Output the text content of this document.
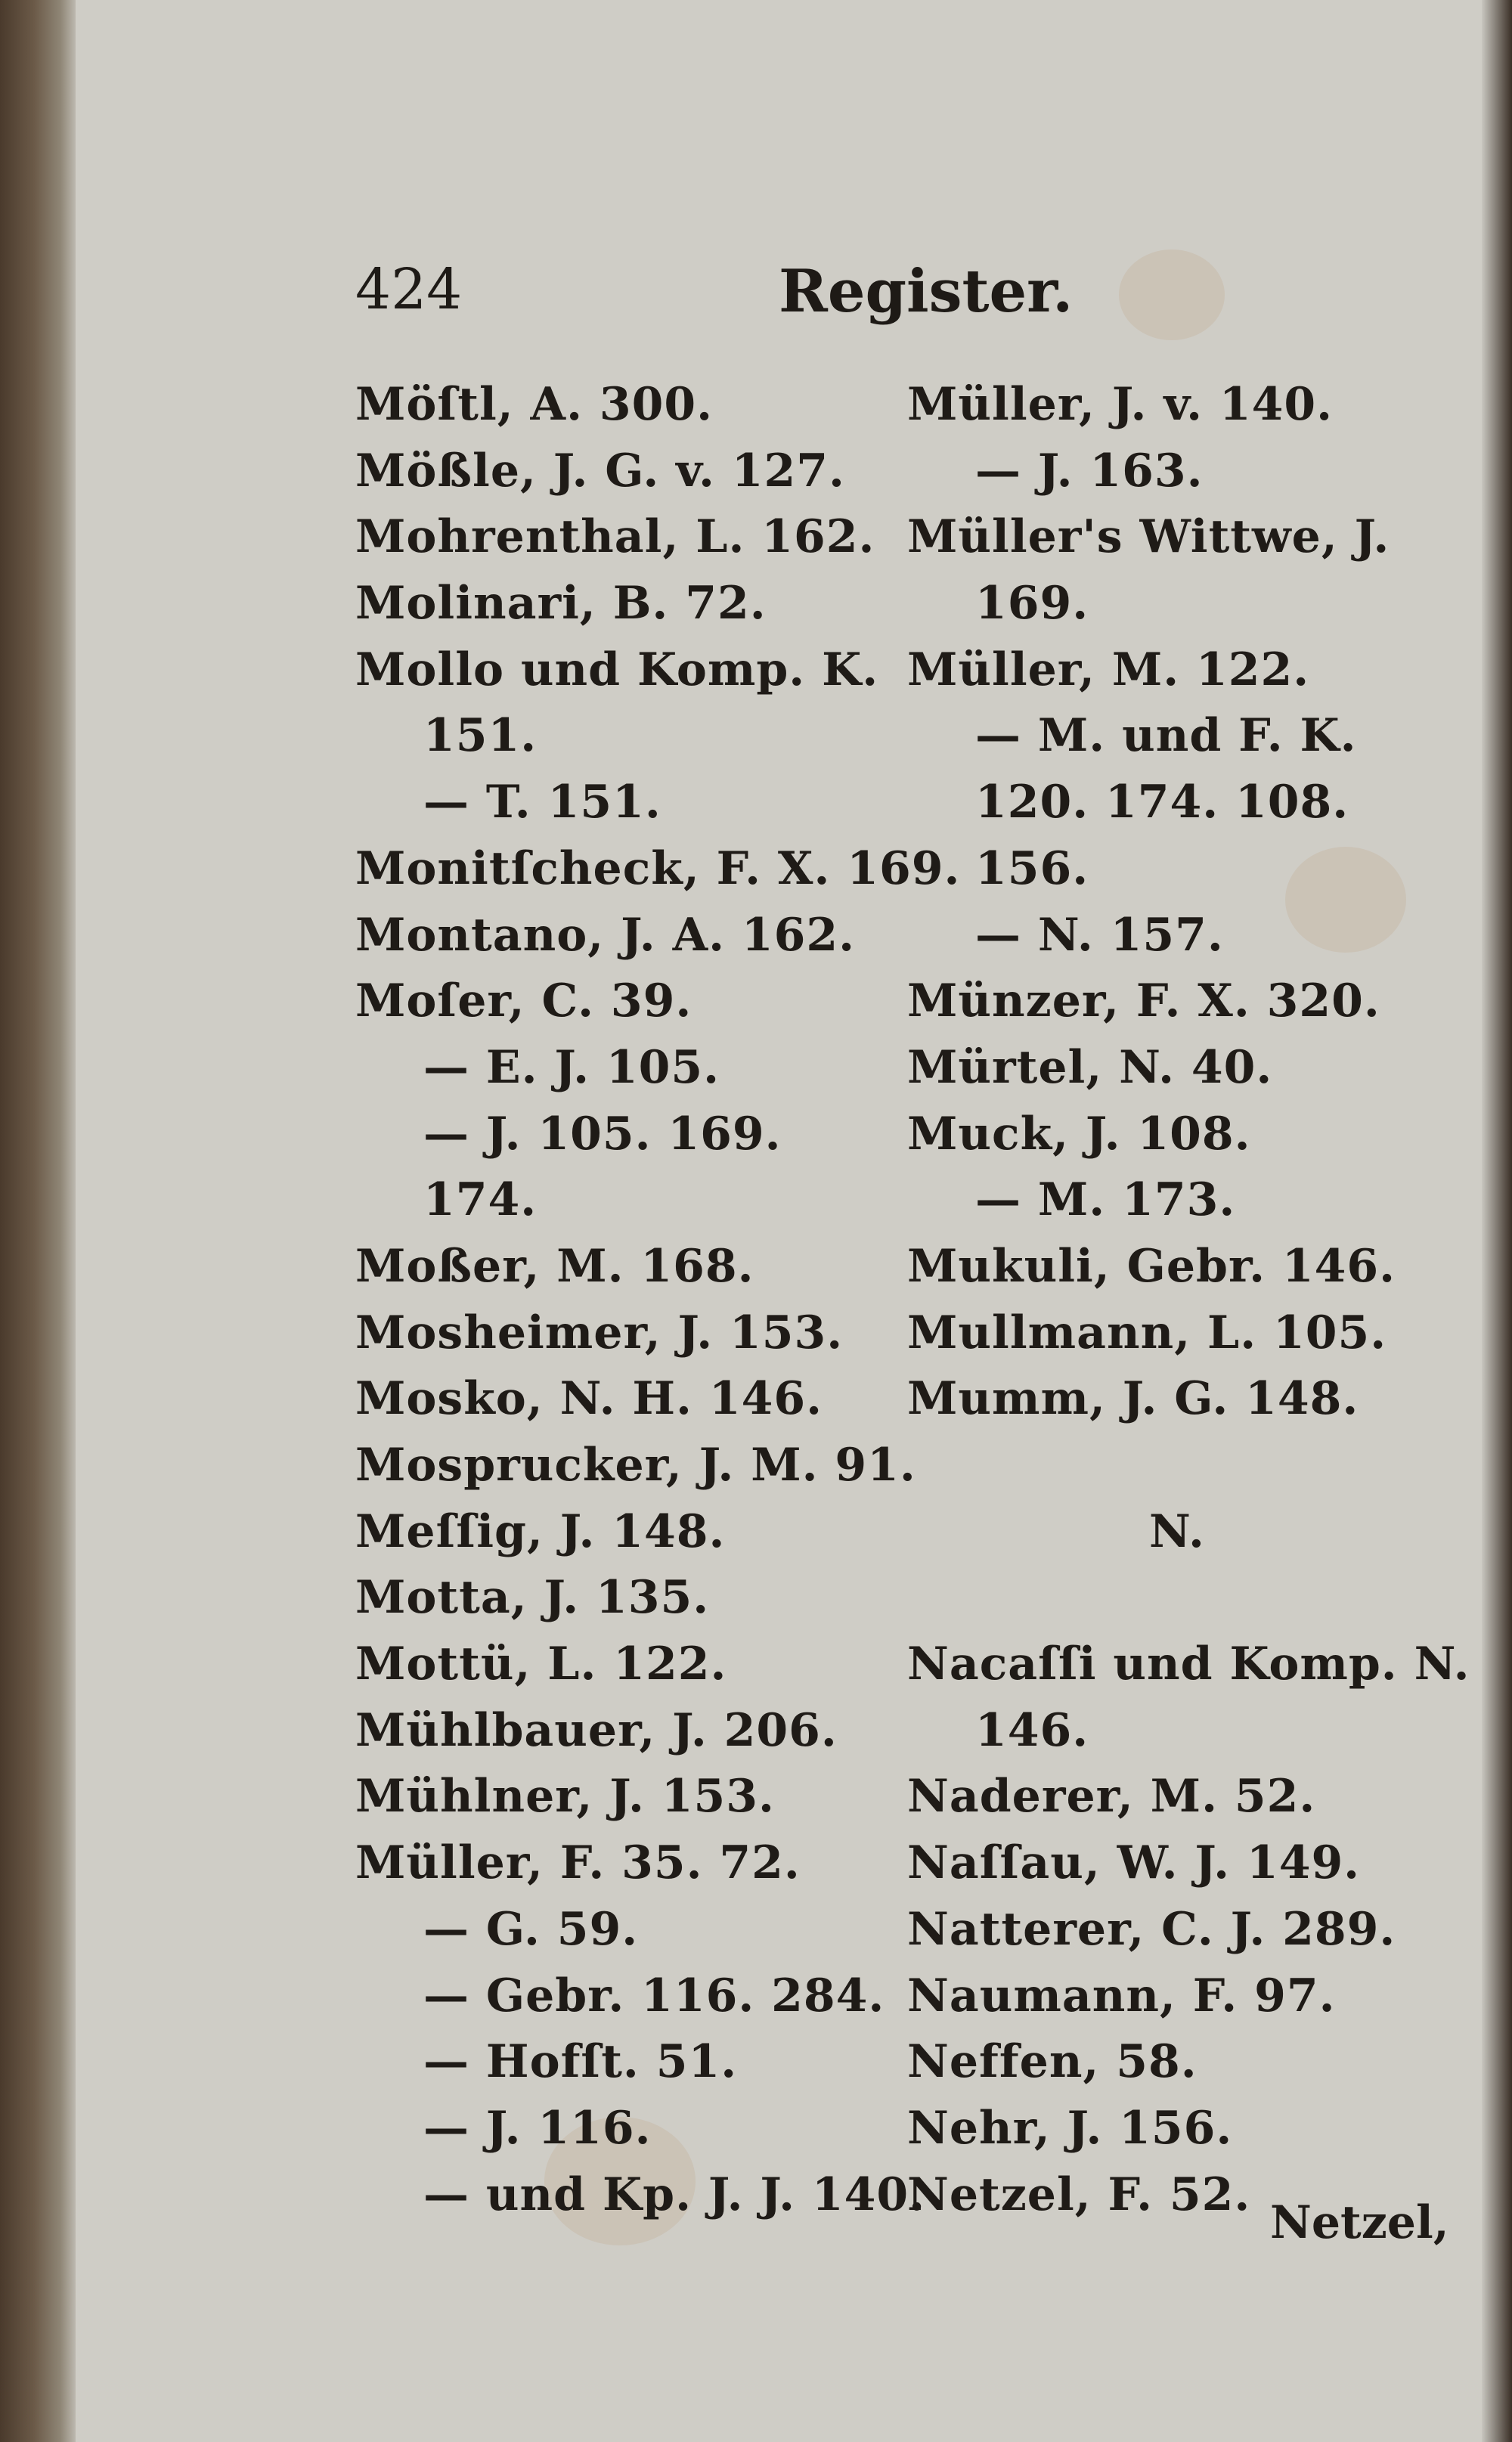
424	Register.
Möſtl, A. 300.
Mößle, J. G. v. 127.
Mohrenthal, L. 162.
Molinari, B. 72.
Mollo und Komp. K.
151.
— T. 151.
Monitſcheck, F. X. 169.
Montano, J. A. 162.
Moſer, C. 39.
— E. J. 105.
— J. 105. 169.
174.
Moßer, M. 168.
Mosheimer, J. 153.
Mosko, N. H. 146.
Mosprucker, J. M. 91.
Meſſig, J. 148.
Motta, J. 135.
Mottü, L. 122.
Mühlbauer, J. 206.
Mühlner, J. 153.
Müller, F. 35. 72.
— G. 59.
— Gebr. 116. 284.
— Hofſt. 51.
— J. 116.
— und Kp. J. J. 140.
Müller, J. v. 140.
— J. 163.
Müller's Wittwe, J.
169.
Müller, M. 122.
— M. und F. K.
120. 174. 108.
156.
— N. 157.
Münzer, F. X. 320.
Mürtel, N. 40.
Muck, J. 108.
— M. 173.
Mukuli, Gebr. 146.
Mullmann, L. 105.
Mumm, J. G. 148.
N.
Nacaſſi und Komp. N.
146.
Naderer, M. 52.
Naſſau, W. J. 149.
Natterer, C. J. 289.
Naumann, F. 97.
Neffen, 58.
Nehr, J. 156.
Netzel, F. 52.
Netzel,
